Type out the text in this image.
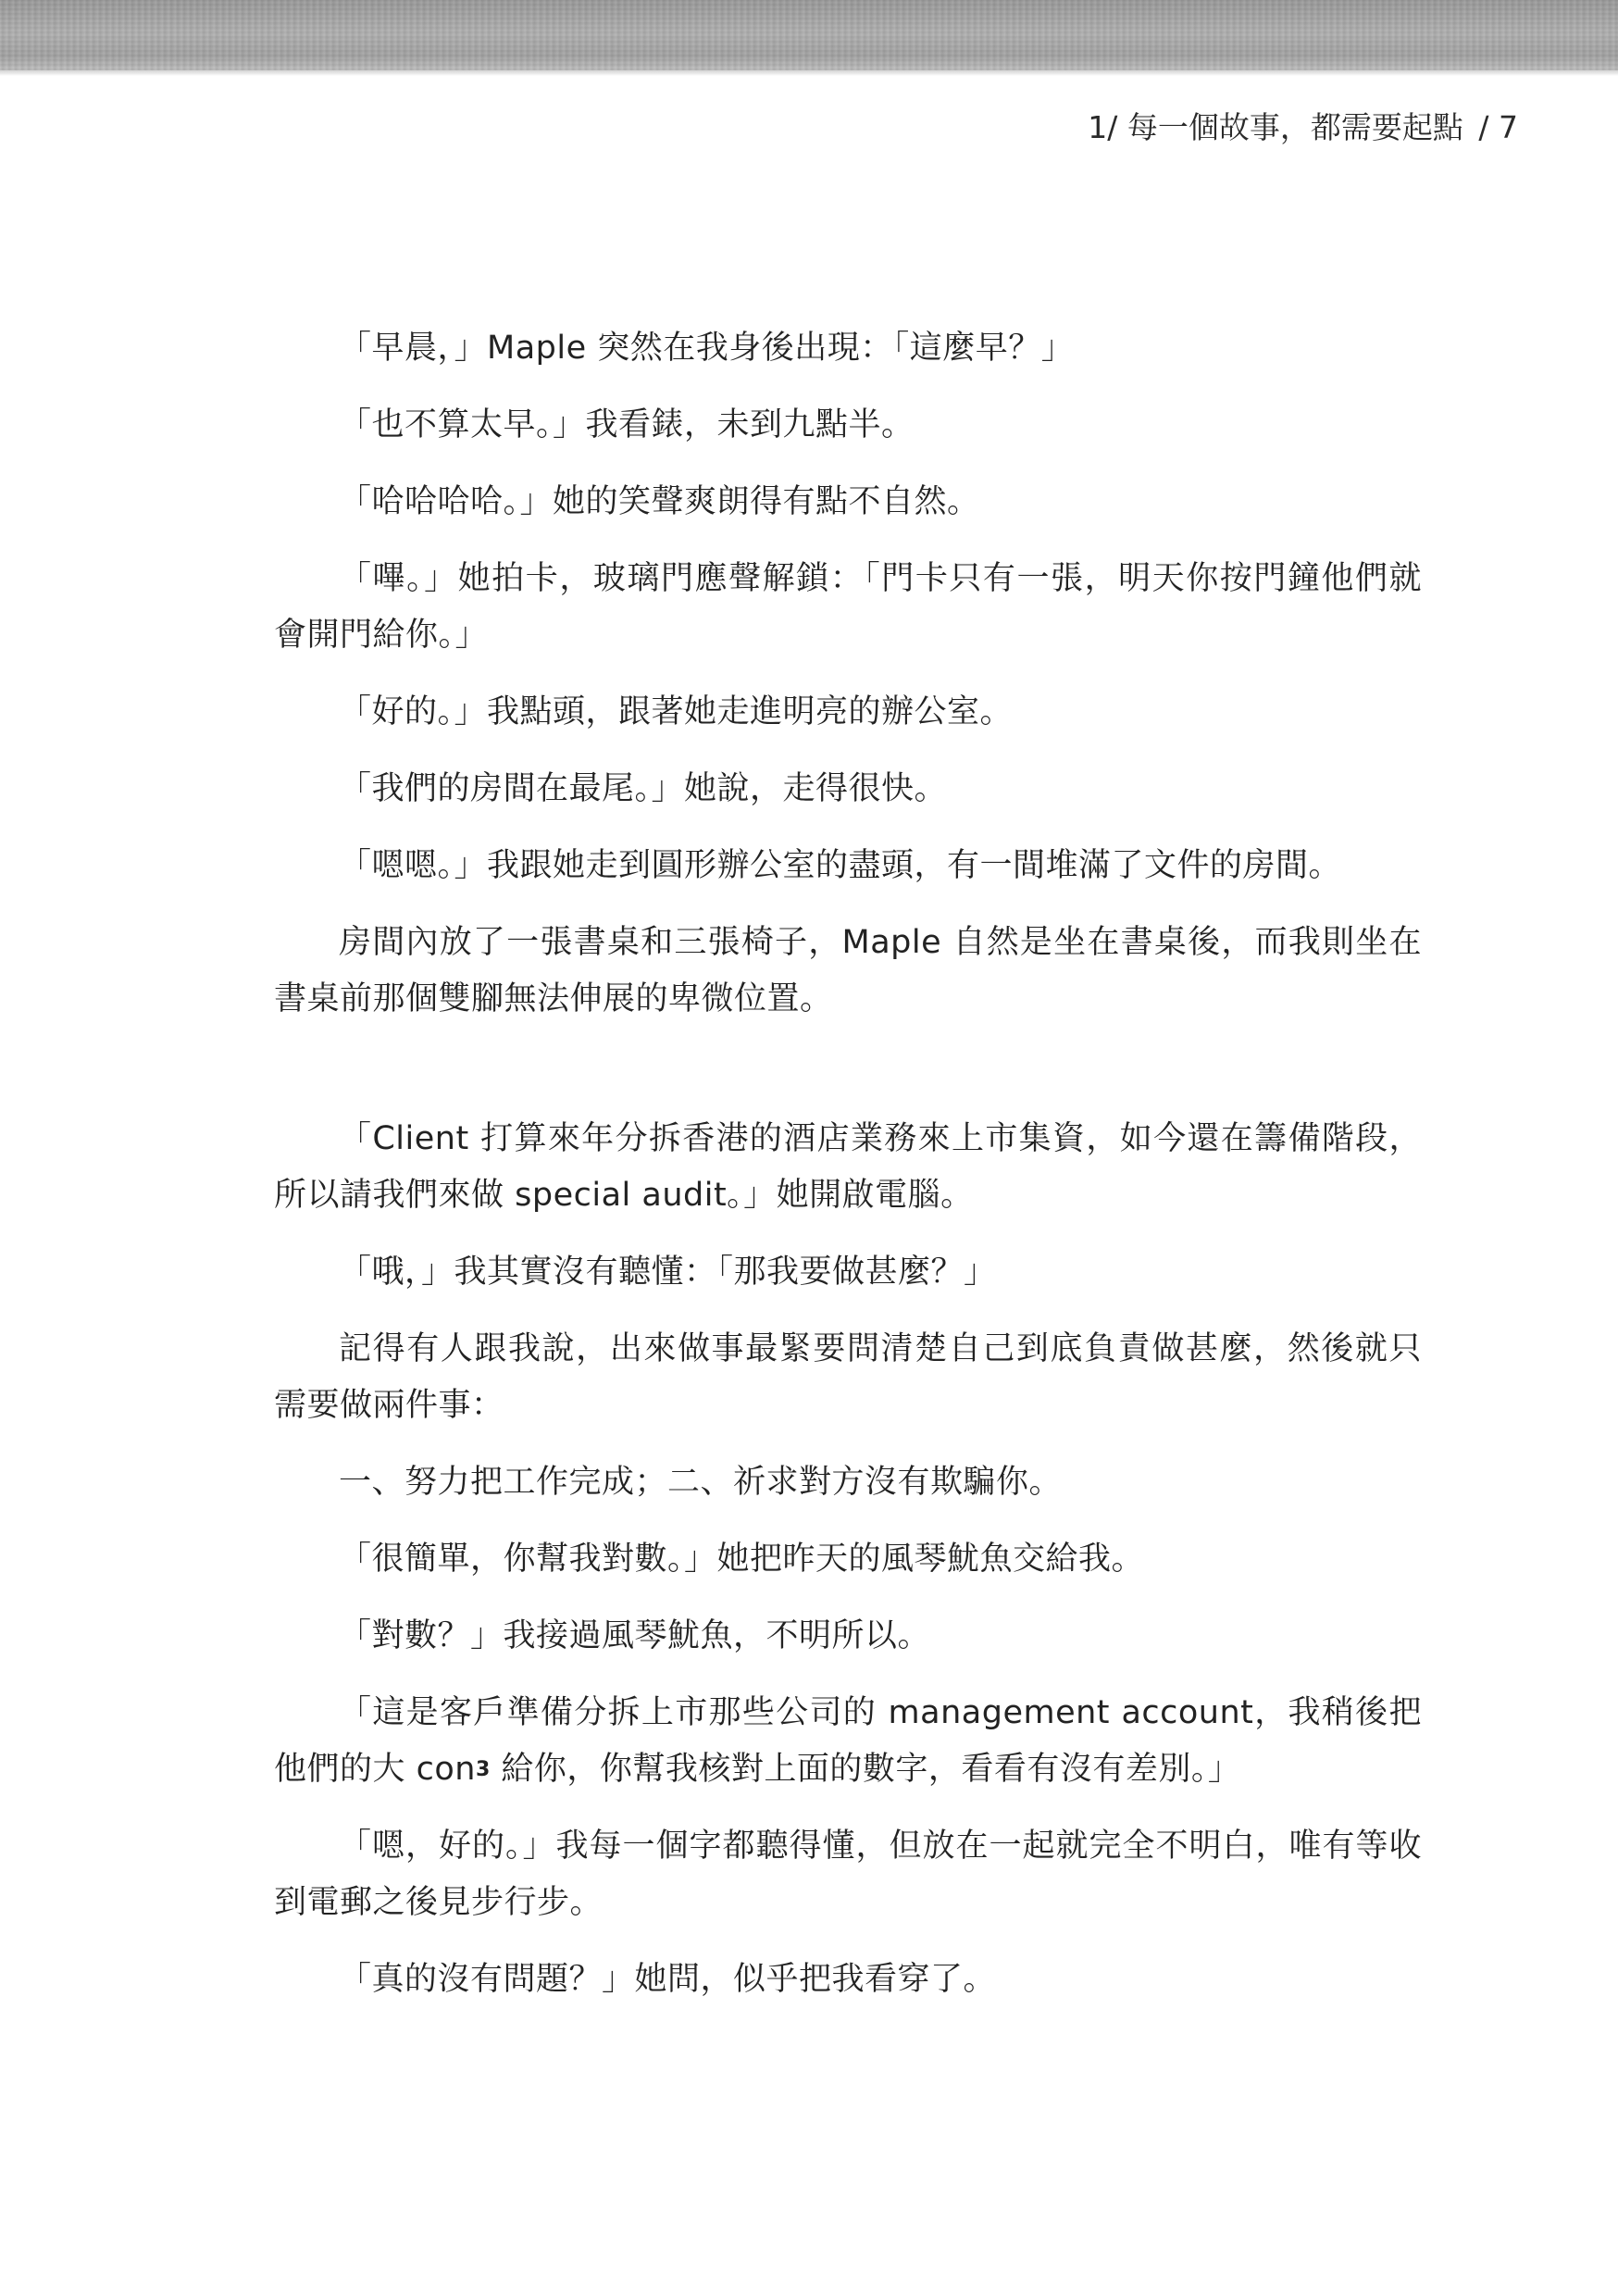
1/ 每一個故事，都需要起點 / 7

「早晨，」Maple 突然在我身後出現：「這麼早？」

「也不算太早。」我看錶，未到九點半。

「哈哈哈哈。」她的笑聲爽朗得有點不自然。

「嗶。」她拍卡，玻璃門應聲解鎖：「門卡只有一張，明天你按門鐘他們就會開門給你。」

「好的。」我點頭，跟著她走進明亮的辦公室。

「我們的房間在最尾。」她說，走得很快。

「嗯嗯。」我跟她走到圓形辦公室的盡頭，有一間堆滿了文件的房間。

房間內放了一張書桌和三張椅子，Maple 自然是坐在書桌後，而我則坐在書桌前那個雙腳無法伸展的卑微位置。

「Client 打算來年分拆香港的酒店業務來上市集資，如今還在籌備階段，所以請我們來做 special audit。」她開啟電腦。

「哦，」我其實沒有聽懂：「那我要做甚麼？」

記得有人跟我說，出來做事最緊要問清楚自己到底負責做甚麼，然後就只需要做兩件事：

一、努力把工作完成；二、祈求對方沒有欺騙你。

「很簡單，你幫我對數。」她把昨天的風琴魷魚交給我。

「對數？」我接過風琴魷魚，不明所以。

「這是客戶準備分拆上市那些公司的 management account，我稍後把他們的大 con$^3$ 給你，你幫我核對上面的數字，看看有沒有差別。」

「嗯，好的。」我每一個字都聽得懂，但放在一起就完全不明白，唯有等收到電郵之後見步行步。

「真的沒有問題？」她問，似乎把我看穿了。
